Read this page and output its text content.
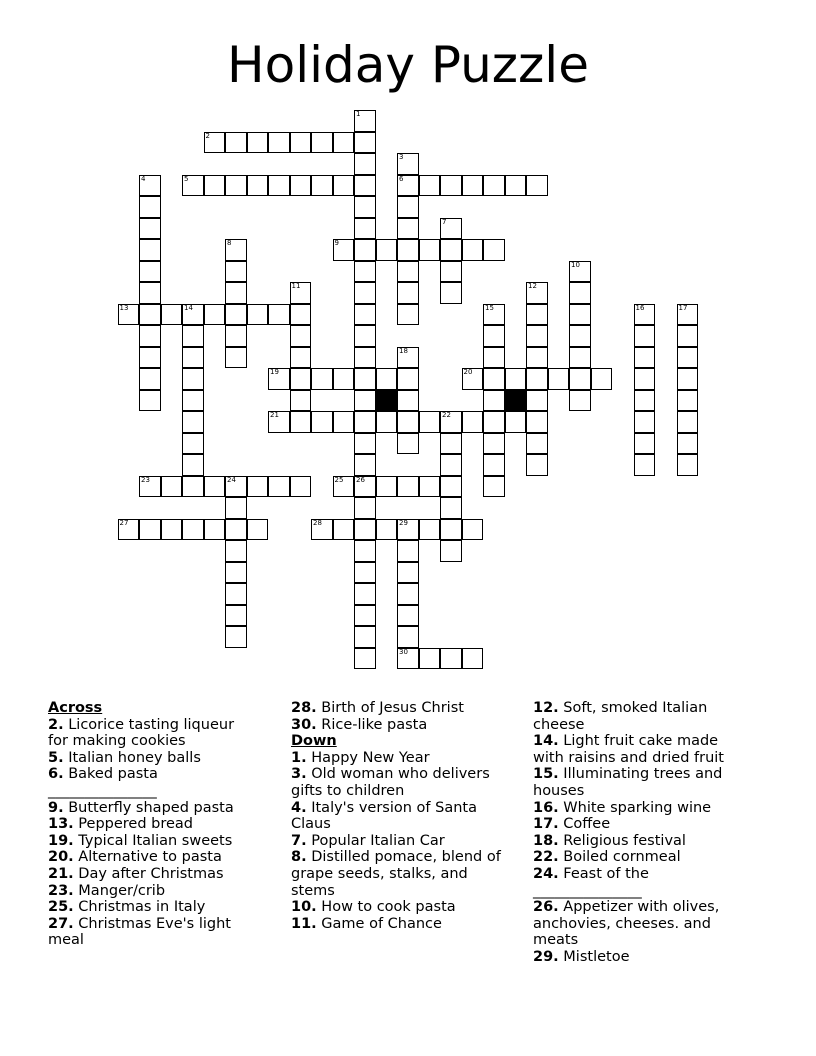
Holiday Puzzle
2
5	6
9
13	14
19	20
21	22
23	24	25 26
27	28	29
30
1
3
4
7
8
10
11	12
15	16	17
18

Across

2. Licorice tasting liqueur for making cookies

5. Italian honey balls

6. Baked pasta _______________

9. Butterfly shaped pasta

13. Peppered bread

19. Typical Italian sweets

20. Alternative to pasta

21. Day after Christmas

23. Manger/crib

25. Christmas in Italy

27. Christmas Eve's light meal

28. Birth of Jesus Christ

30. Rice-like pasta

Down

1. Happy New Year

3. Old woman who delivers gifts to children

4. Italy's version of Santa Claus

7. Popular Italian Car

8. Distilled pomace, blend of grape seeds, stalks, and stems

10. How to cook pasta

11. Game of Chance

12. Soft, smoked Italian cheese

14. Light fruit cake made with raisins and dried fruit

15. Illuminating trees and houses

16. White sparking wine

17. Coffee

18. Religious festival

22. Boiled cornmeal

24. Feast of the _______________

26. Appetizer with olives, anchovies, cheeses. and meats

29. Mistletoe
